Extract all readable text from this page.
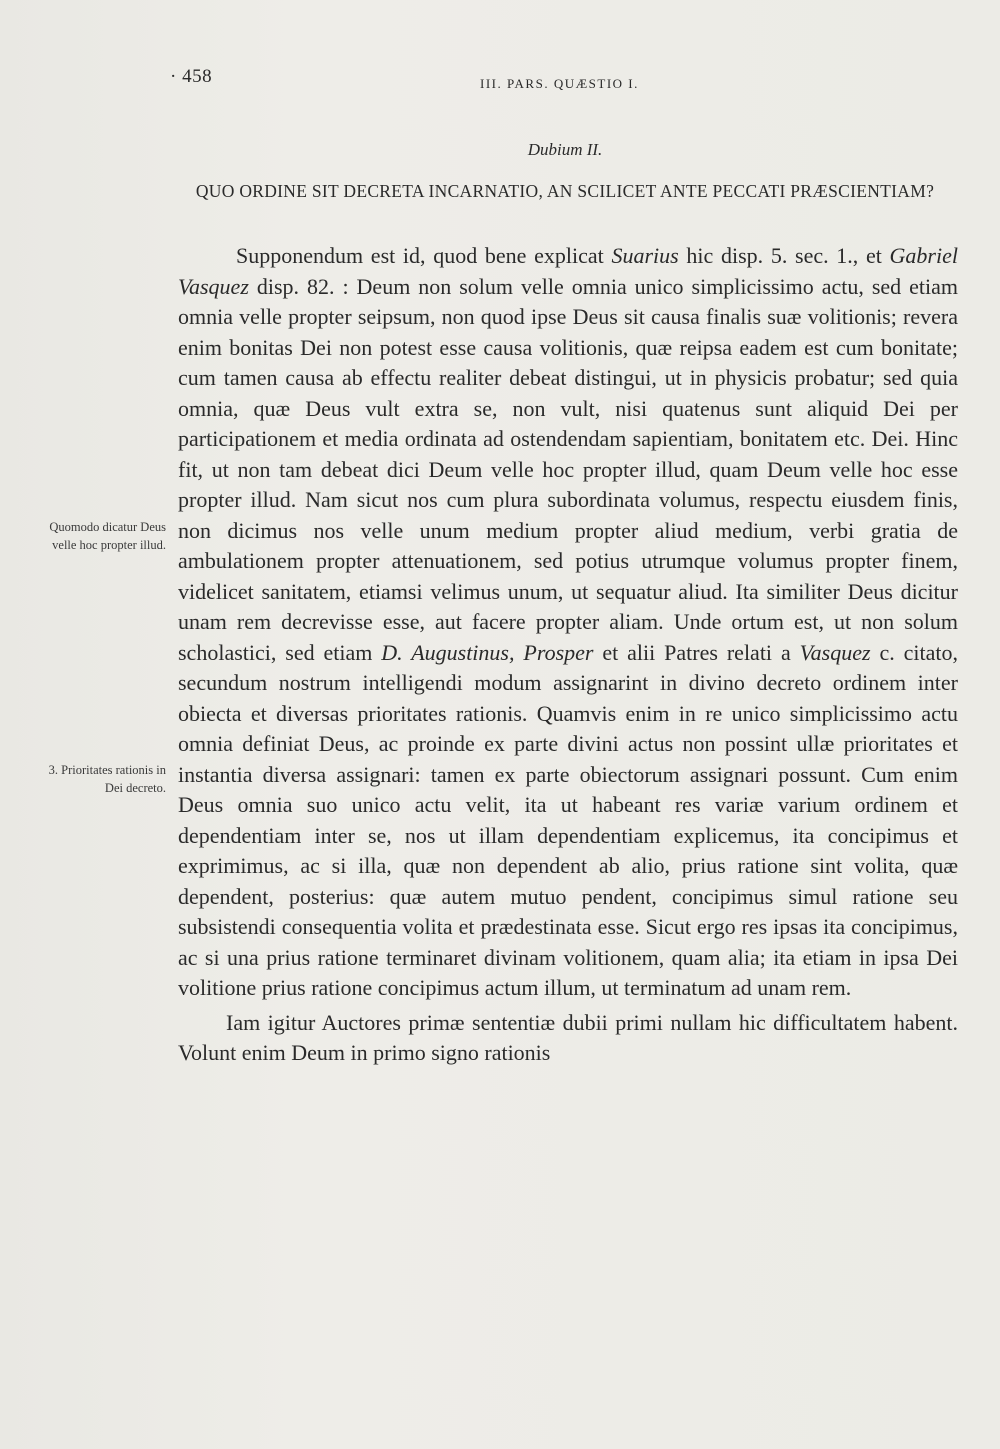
· 458	III. PARS. QUÆSTIO I.
Dubium II.
QUO ORDINE SIT DECRETA INCARNATIO, AN SCILICET ANTE PECCATI PRÆSCIENTIAM?
Quomodo dicatur Deus velle hoc propter illud.
3. Prioritates rationis in Dei decreto.

Supponendum est id, quod bene explicat Suarius hic disp. 5. sec. 1., et Gabriel Vasquez disp. 82. : Deum non solum velle omnia unico simplicissimo actu, sed etiam omnia velle propter seipsum, non quod ipse Deus sit causa finalis suæ volitionis; revera enim bonitas Dei non potest esse causa volitionis, quæ reipsa eadem est cum bonitate; cum tamen causa ab effectu realiter debeat distingui, ut in physicis probatur; sed quia omnia, quæ Deus vult extra se, non vult, nisi quatenus sunt aliquid Dei per participationem et media ordinata ad ostendendam sapientiam, bonitatem etc. Dei. Hinc fit, ut non tam debeat dici Deum velle hoc propter illud, quam Deum velle hoc esse propter illud. Nam sicut nos cum plura subordinata volumus, respectu eiusdem finis, non dicimus nos velle unum medium propter aliud medium, verbi gratia de ambulationem propter attenuationem, sed potius utrumque volumus propter finem, videlicet sanitatem, etiamsi velimus unum, ut sequatur aliud. Ita similiter Deus dicitur unam rem decrevisse esse, aut facere propter aliam. Unde ortum est, ut non solum scholastici, sed etiam D. Augustinus, Prosper et alii Patres relati a Vasquez c. citato, secundum nostrum intelligendi modum assignarint in divino decreto ordinem inter obiecta et diversas prioritates rationis. Quamvis enim in re unico simplicissimo actu omnia definiat Deus, ac proinde ex parte divini actus non possint ullæ prioritates et instantia diversa assignari: tamen ex parte obiectorum assignari possunt. Cum enim Deus omnia suo unico actu velit, ita ut habeant res variæ varium ordinem et dependentiam inter se, nos ut illam dependentiam explicemus, ita concipimus et exprimimus, ac si illa, quæ non dependent ab alio, prius ratione sint volita, quæ dependent, posterius: quæ autem mutuo pendent, concipimus simul ratione seu subsistendi consequentia volita et prædestinata esse. Sicut ergo res ipsas ita concipimus, ac si una prius ratione terminaret divinam volitionem, quam alia; ita etiam in ipsa Dei volitione prius ratione concipimus actum illum, ut terminatum ad unam rem.

Iam igitur Auctores primæ sententiæ dubii primi nullam hic difficultatem habent. Volunt enim Deum in primo signo rationis
